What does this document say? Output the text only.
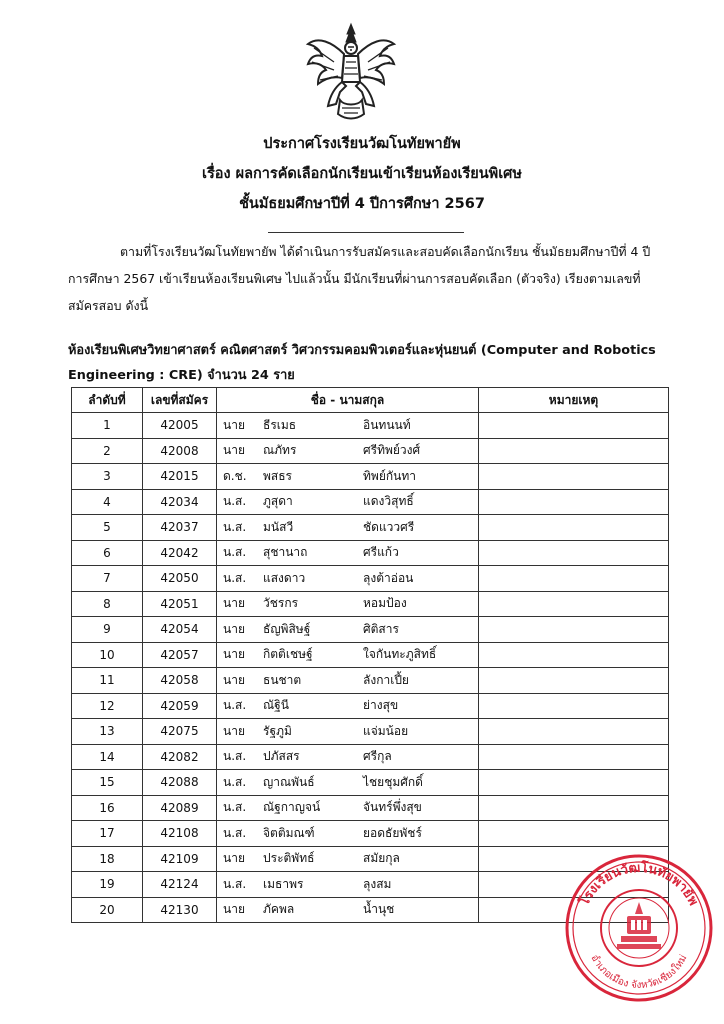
ประกาศโรงเรียนวัฒโนทัยพายัพ
เรื่อง ผลการคัดเลือกนักเรียนเข้าเรียนห้องเรียนพิเศษ
ชั้นมัธยมศึกษาปีที่ 4 ปีการศึกษา 2567
ตามที่โรงเรียนวัฒโนทัยพายัพ ได้ดำเนินการรับสมัครและสอบคัดเลือกนักเรียน ชั้นมัธยมศึกษาปีที่ 4 ปีการศึกษา 2567 เข้าเรียนห้องเรียนพิเศษ ไปแล้วนั้น มีนักเรียนที่ผ่านการสอบคัดเลือก (ตัวจริง) เรียงตามเลขที่สมัครสอบ ดังนี้
ห้องเรียนพิเศษวิทยาศาสตร์ คณิตศาสตร์ วิศวกรรมคอมพิวเตอร์และหุ่นยนต์ (Computer and Robotics Engineering : CRE) จำนวน 24 ราย
ลำดับที่	เลขที่สมัคร	ชื่อ - นามสกุล	หมายเหตุ
1	42005	นาย ธีรเมธ อินทนนท์	
2	42008	นาย ณภัทร ศรีทิพย์วงศ์	
3	42015	ด.ช. พสธร ทิพย์กันทา	
4	42034	น.ส. ภูสุดา แดงวิสุทธิ์	
5	42037	น.ส. มนัสวี ชัดแววศรี	
6	42042	น.ส. สุชานาถ ศรีแก้ว	
7	42050	น.ส. แสงดาว ลุงต้าอ่อน	
8	42051	นาย วัชรกร หอมป้อง	
9	42054	นาย ธัญพิสิษฐ์ ศิติสาร	
10	42057	นาย กิตติเชษฐ์ ใจกันทะภูสิทธิ์	
11	42058	นาย ธนชาต ลังกาเปี้ย	
12	42059	น.ส. ณัฐินี ย่างสุข	
13	42075	นาย รัฐภูมิ แจ่มน้อย	
14	42082	น.ส. ปภัสสร ศรีกุล	
15	42088	น.ส. ญาณพันธ์ ไชยชุมศักดิ์	
16	42089	น.ส. ณัฐกาญจน์ จันทร์พึ่งสุข	
17	42108	น.ส. จิตติมณฑ์ ยอดธัยพัชร์	
18	42109	นาย ประติพัทธ์ สมัยกุล	
19	42124	น.ส. เมธาพร ลุงสม	
20	42130	นาย ภัคพล น้ำนุช	
โรงเรียนวัฒโนทัยพายัพ
อำเภอเมือง จังหวัดเชียงใหม่
